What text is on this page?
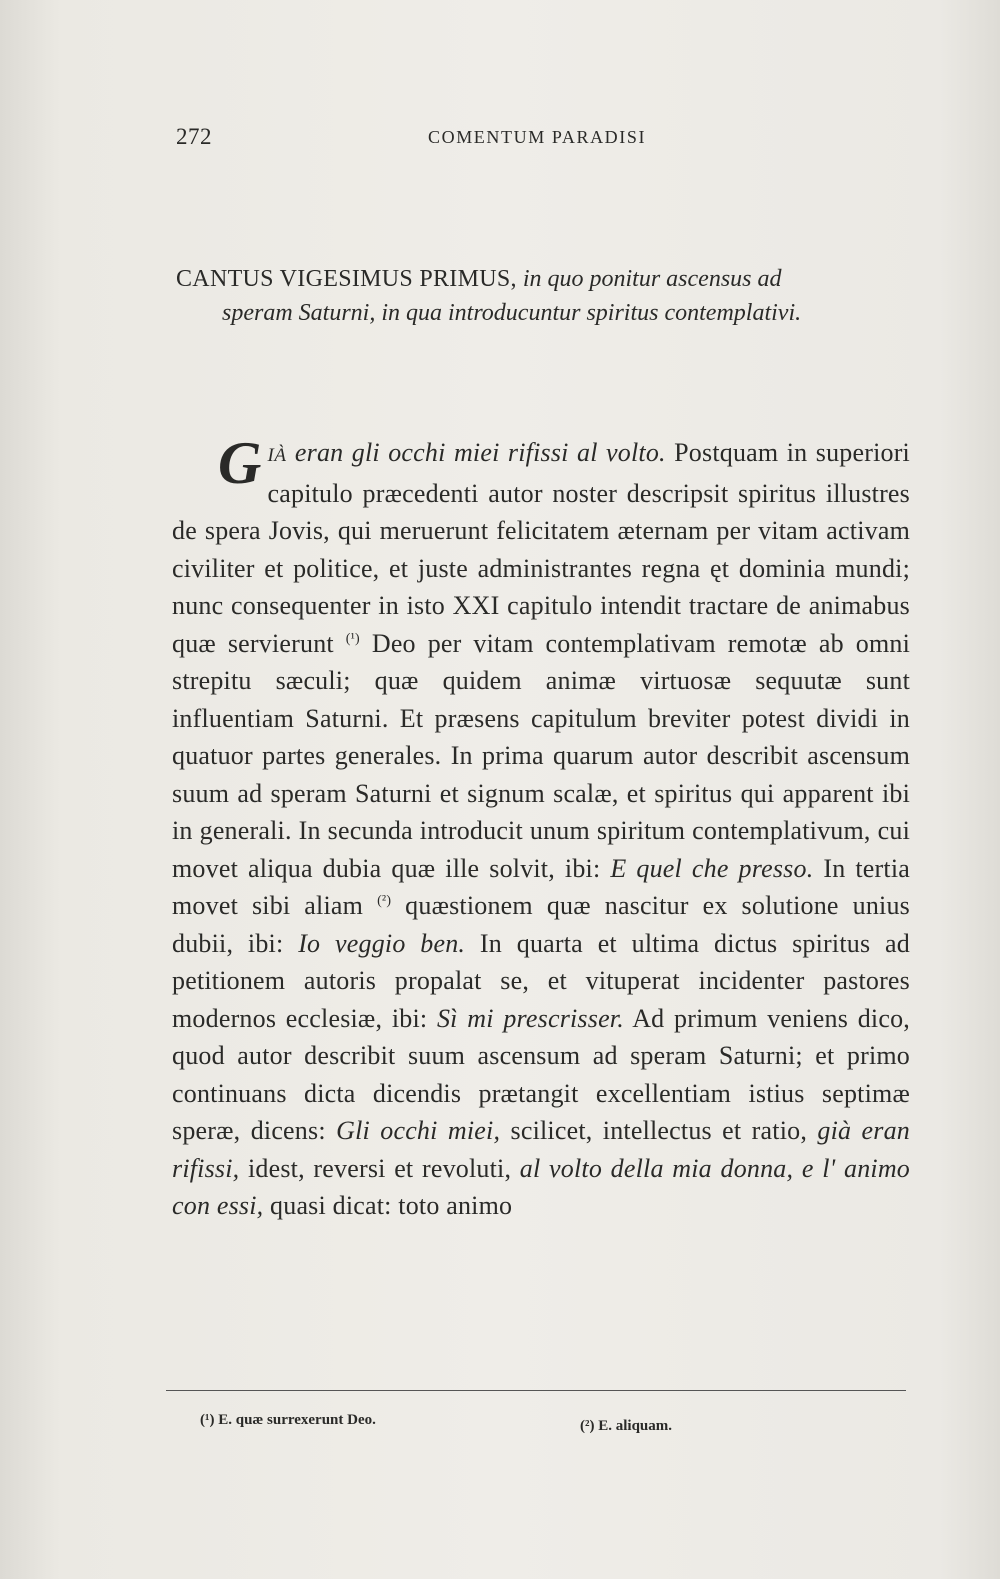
272	COMENTUM PARADISI
CANTUS VIGESIMUS PRIMUS, in quo ponitur ascensus ad
speram Saturni, in qua introducuntur spiritus contemplativi.
GIÀ eran gli occhi miei rifissi al volto. Postquam in superiori capitulo præcedenti autor noster descripsit spiritus illustres de spera Jovis, qui meruerunt felicitatem æternam per vitam activam civiliter et politice, et juste administrantes regna ęt dominia mundi; nunc consequenter in isto XXI capitulo intendit tractare de animabus quæ servierunt $^{(^1)}$ Deo per vitam contemplativam remotæ ab omni strepitu sæculi; quæ quidem animæ virtuosæ sequutæ sunt influentiam Saturni. Et præsens capitulum breviter potest dividi in quatuor partes generales. In prima quarum autor describit ascensum suum ad speram Saturni et signum scalæ, et spiritus qui apparent ibi in generali. In secunda introducit unum spiritum contemplativum, cui movet aliqua dubia quæ ille solvit, ibi: E quel che presso. In tertia movet sibi aliam $^{(^2)}$ quæstionem quæ nascitur ex solutione unius dubii, ibi: Io veggio ben. In quarta et ultima dictus spiritus ad petitionem autoris propalat se, et vituperat incidenter pastores modernos ecclesiæ, ibi: Sì mi prescrisser. Ad primum veniens dico, quod autor describit suum ascensum ad speram Saturni; et primo continuans dicta dicendis prætangit excellentiam istius septimæ speræ, dicens: Gli occhi miei, scilicet, intellectus et ratio, già eran rifissi, idest, reversi et revoluti, al volto della mia donna, e l' animo con essi, quasi dicat: toto animo
(¹) E. quæ surrexerunt Deo.	(²) E. aliquam.
